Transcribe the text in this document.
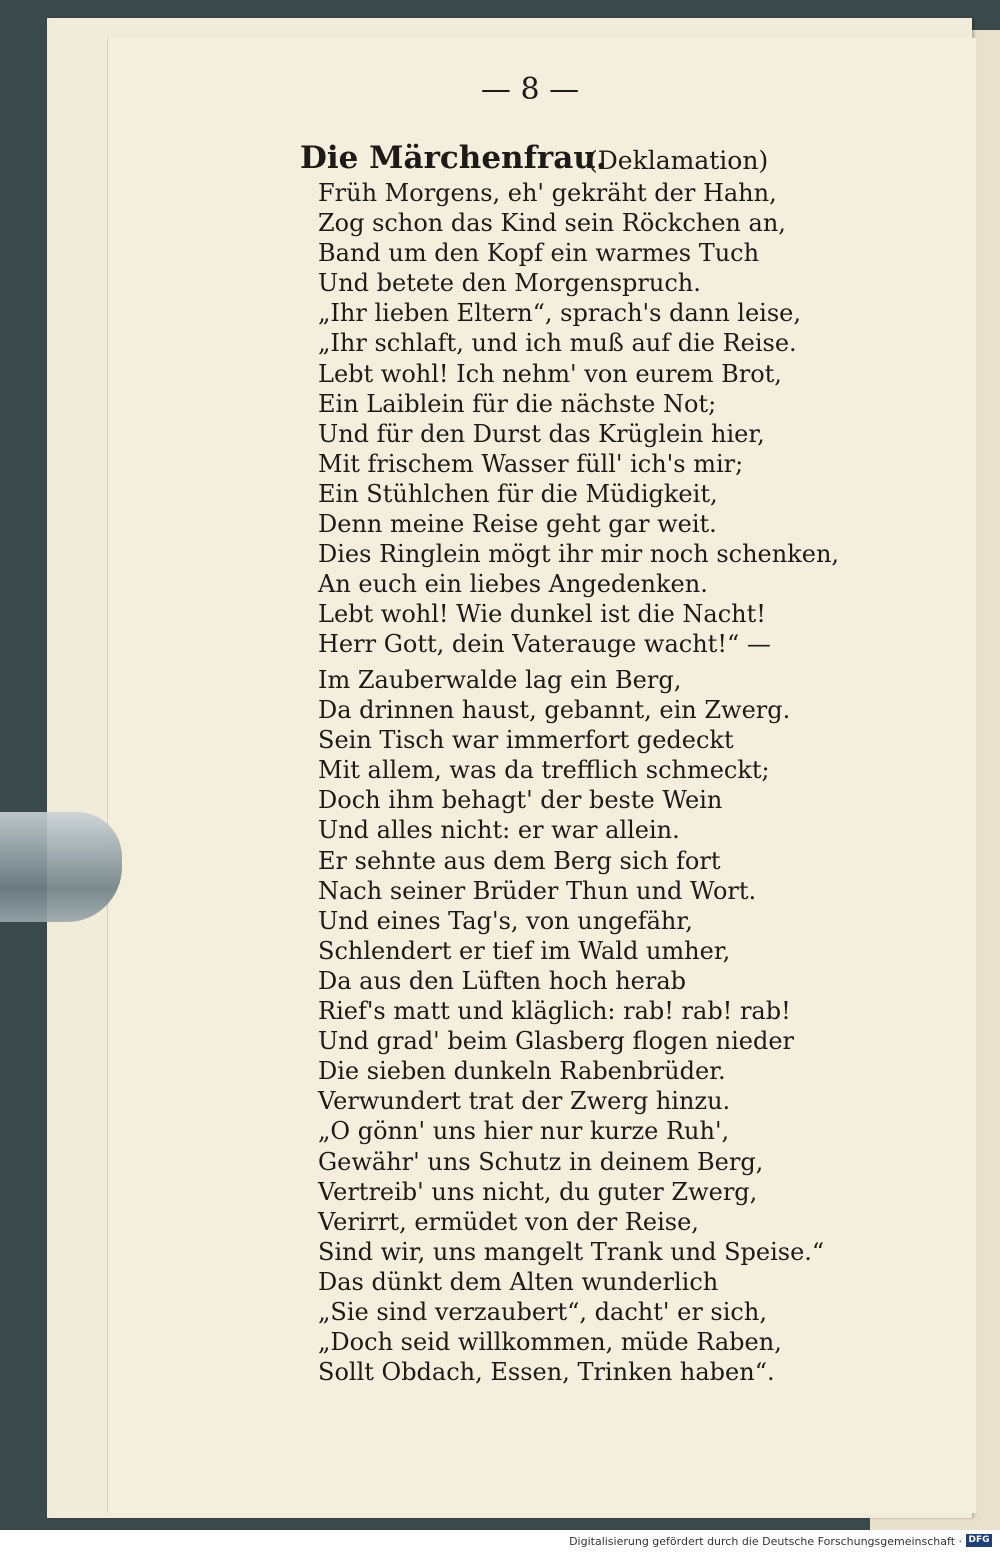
— 8 —
Die Märchenfrau.
(Deklamation)
Früh Morgens, eh' gekräht der Hahn,
Zog schon das Kind sein Röckchen an,
Band um den Kopf ein warmes Tuch
Und betete den Morgenspruch.
„Ihr lieben Eltern“, sprach's dann leise,
„Ihr schlaft, und ich muß auf die Reise.
Lebt wohl! Ich nehm' von eurem Brot,
Ein Laiblein für die nächste Not;
Und für den Durst das Krüglein hier,
Mit frischem Wasser füll' ich's mir;
Ein Stühlchen für die Müdigkeit,
Denn meine Reise geht gar weit.
Dies Ringlein mögt ihr mir noch schenken,
An euch ein liebes Angedenken.
Lebt wohl! Wie dunkel ist die Nacht!
Herr Gott, dein Vaterauge wacht!“ —
Im Zauberwalde lag ein Berg,
Da drinnen haust, gebannt, ein Zwerg.
Sein Tisch war immerfort gedeckt
Mit allem, was da trefflich schmeckt;
Doch ihm behagt' der beste Wein
Und alles nicht: er war allein.
Er sehnte aus dem Berg sich fort
Nach seiner Brüder Thun und Wort.
Und eines Tag's, von ungefähr,
Schlendert er tief im Wald umher,
Da aus den Lüften hoch herab
Rief's matt und kläglich: rab! rab! rab!
Und grad' beim Glasberg flogen nieder
Die sieben dunkeln Rabenbrüder.
Verwundert trat der Zwerg hinzu.
„O gönn' uns hier nur kurze Ruh',
Gewähr' uns Schutz in deinem Berg,
Vertreib' uns nicht, du guter Zwerg,
Verirrt, ermüdet von der Reise,
Sind wir, uns mangelt Trank und Speise.“
Das dünkt dem Alten wunderlich
„Sie sind verzaubert“, dacht' er sich,
„Doch seid willkommen, müde Raben,
Sollt Obdach, Essen, Trinken haben“.
Digitalisierung gefördert durch die Deutsche Forschungsgemeinschaft · DFG
